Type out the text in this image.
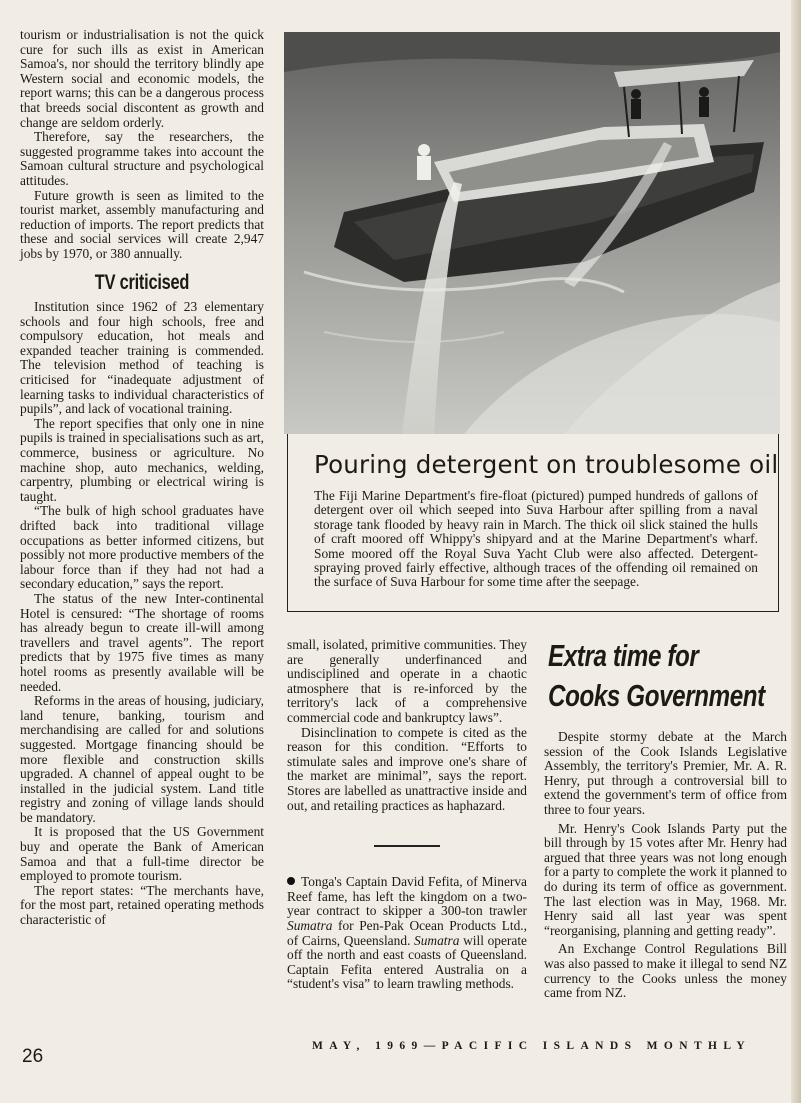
tourism or industrialisation is not the quick cure for such ills as exist in American Samoa's, nor should the territory blindly ape Western social and economic models, the report warns; this can be a dangerous process that breeds social discontent as growth and change are seldom orderly.

Therefore, say the researchers, the suggested programme takes into account the Samoan cultural structure and psychological attitudes.

Future growth is seen as limited to the tourist market, assembly manufacturing and reduction of imports. The report predicts that these and social services will create 2,947 jobs by 1970, or 380 annually.

TV criticised

Institution since 1962 of 23 elementary schools and four high schools, free and compulsory education, hot meals and expanded teacher training is commended. The television method of teaching is criticised for “inadequate adjustment of learning tasks to individual characteristics of pupils”, and lack of vocational training.

The report specifies that only one in nine pupils is trained in specialisations such as art, commerce, business or agriculture. No machine shop, auto mechanics, welding, carpentry, plumbing or electrical wiring is taught.

“The bulk of high school graduates have drifted back into traditional village occupations as better informed citizens, but possibly not more productive members of the labour force than if they had not had a secondary education,” says the report.

The status of the new Inter-continental Hotel is censured: “The shortage of rooms has already begun to create ill-will among travellers and travel agents”. The report predicts that by 1975 five times as many hotel rooms as presently available will be needed.

Reforms in the areas of housing, judiciary, land tenure, banking, tourism and merchandising are called for and solutions suggested. Mortgage financing should be more flexible and construction skills upgraded. A channel of appeal ought to be installed in the judicial system. Land title registry and zoning of village lands should be mandatory.

It is proposed that the US Government buy and operate the Bank of American Samoa and that a full-time director be employed to promote tourism.

The report states: “The merchants have, for the most part, retained operating methods characteristic of

Pouring detergent on troublesome oil

The Fiji Marine Department's fire-float (pictured) pumped hundreds of gallons of detergent over oil which seeped into Suva Harbour after spilling from a naval storage tank flooded by heavy rain in March. The thick oil slick stained the hulls of craft moored off Whippy's shipyard and at the Marine Department's wharf. Some moored off the Royal Suva Yacht Club were also affected. Detergent-spraying proved fairly effective, although traces of the offending oil remained on the surface of Suva Harbour for some time after the seepage.

small, isolated, primitive communities. They are generally underfinanced and undisciplined and operate in a chaotic atmosphere that is re-inforced by the territory's lack of a comprehensive commercial code and bankruptcy laws”.

Disinclination to compete is cited as the reason for this condition. “Efforts to stimulate sales and improve one's share of the market are minimal”, says the report. Stores are labelled as unattractive inside and out, and retailing practices as haphazard.

Tonga's Captain David Fefita, of Minerva Reef fame, has left the kingdom on a two-year contract to skipper a 300-ton trawler Sumatra for Pen-Pak Ocean Products Ltd., of Cairns, Queensland. Sumatra will operate off the north and east coasts of Queensland. Captain Fefita entered Australia on a “student's visa” to learn trawling methods.

Extra time for
Cooks Government

Despite stormy debate at the March session of the Cook Islands Legislative Assembly, the territory's Premier, Mr. A. R. Henry, put through a controversial bill to extend the government's term of office from three to four years.

Mr. Henry's Cook Islands Party put the bill through by 15 votes after Mr. Henry had argued that three years was not long enough for a party to complete the work it planned to do during its term of office as government. The last election was in May, 1968. Mr. Henry said all last year was spent “reorganising, planning and getting ready”.

An Exchange Control Regulations Bill was also passed to make it illegal to send NZ currency to the Cooks unless the money came from NZ.

26	MAY, 1969—PACIFIC ISLANDS MONTHLY
